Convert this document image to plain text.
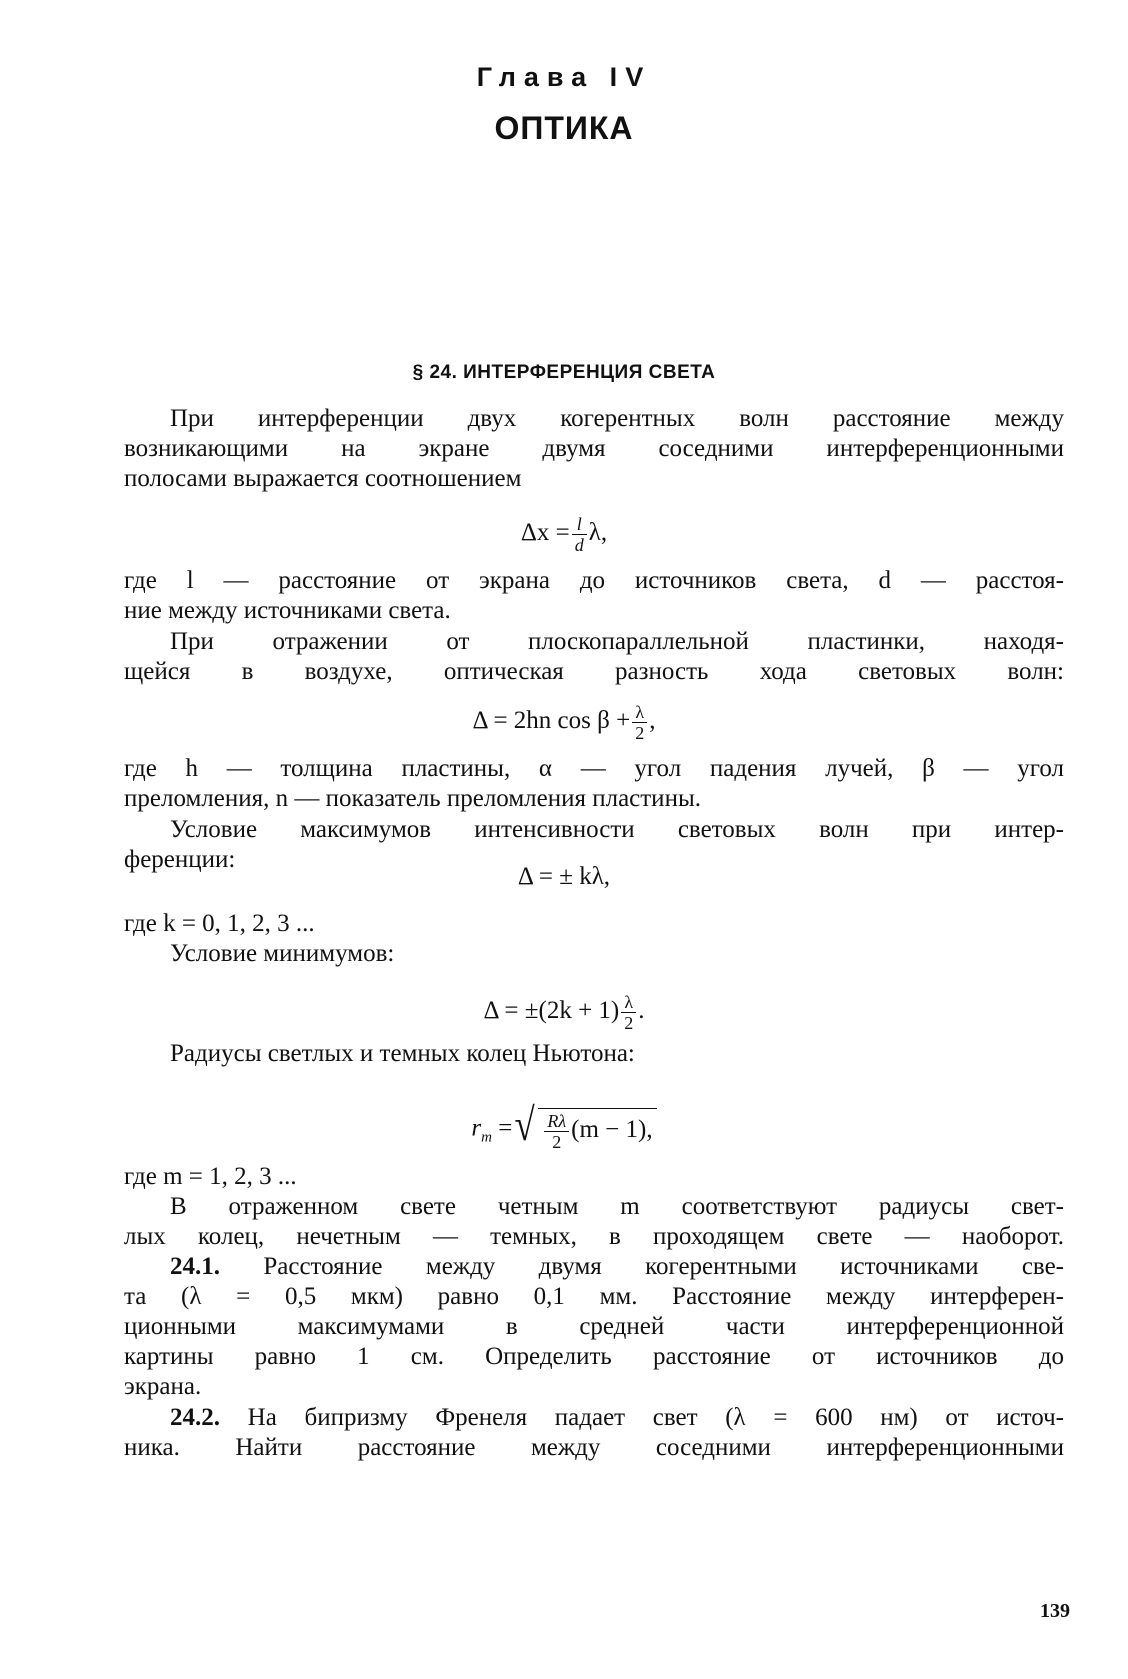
Глава IV
ОПТИКА
§ 24. ИНТЕРФЕРЕНЦИЯ СВЕТА
При интерференции двух когерентных волн расстояние между
возникающими на экране двумя соседними интерференционными
полосами выражается соотношением
$\Delta x = \frac{l}{d} \lambda$,
где l — расстояние от экрана до источников света, d — расстоя-
ние между источниками света.
При отражении от плоскопараллельной пластинки, находя-
щейся в воздухе, оптическая разность хода световых волн:
Δ = 2hn $\cos \beta + \frac{\lambda}{2}$ ,
где h — толщина пластины, α — угол падения лучей, β — угол
преломления, n — показатель преломления пластины.
Условие максимумов интенсивности световых волн при интер-
ференции:
Δ = ± kλ,
где k = 0, 1, 2, 3 ...
Условие минимумов:
$\Delta = \pm(2k + 1) \frac{\lambda}{2}$ .
Радиусы светлых и темных колец Ньютона:
$r_m$ = √ $\frac{R\lambda}{2} (m - 1)$,
где m = 1, 2, 3 ...
В отраженном свете четным m соответствуют радиусы свет-
лых колец, нечетным — темных, в проходящем свете — наоборот.
24.1. Расстояние между двумя когерентными источниками све-
та (λ = 0,5 мкм) равно 0,1 мм. Расстояние между интерферен-
ционными максимумами в средней части интерференционной
картины равно 1 см. Определить расстояние от источников до
экрана.
24.2. На бипризму Френеля падает свет (λ = 600 нм) от источ-
ника. Найти расстояние между соседними интерференционными
139
